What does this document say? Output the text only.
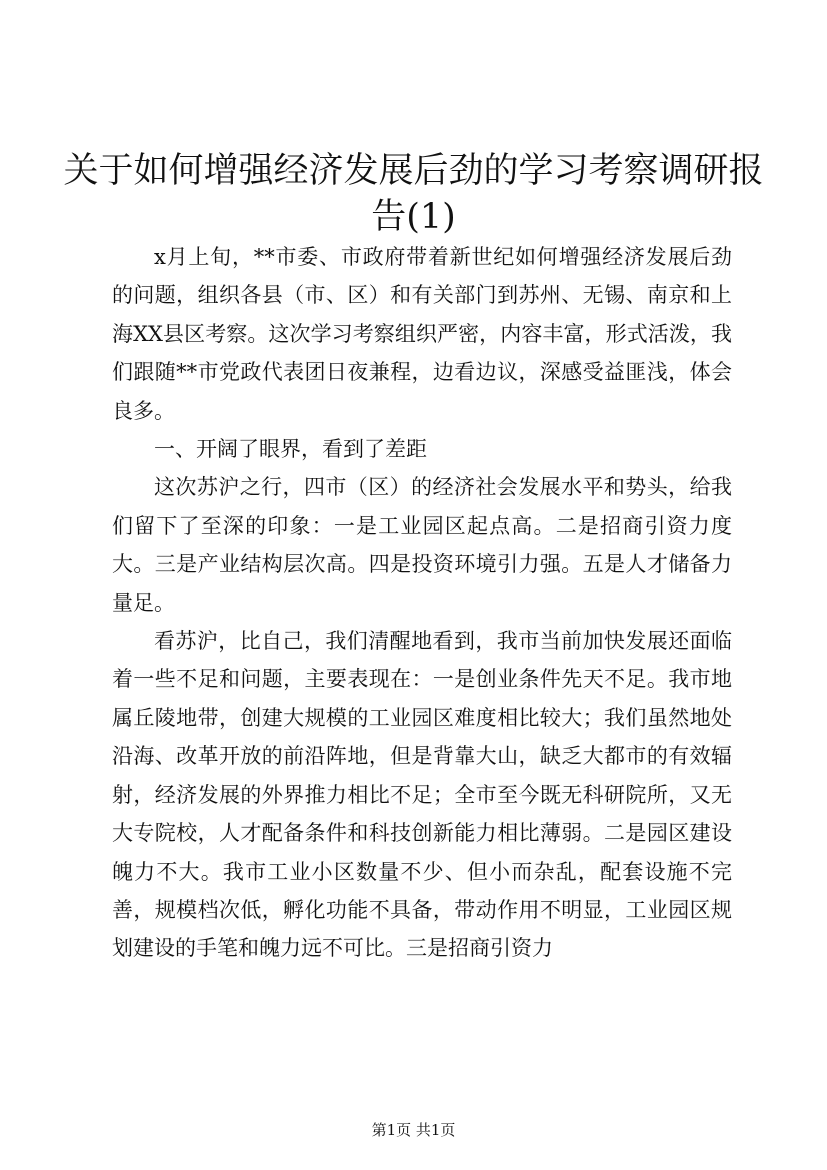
关于如何增强经济发展后劲的学习考察调研报告(1)

x月上旬，**市委、市政府带着新世纪如何增强经济发展后劲的问题，组织各县（市、区）和有关部门到苏州、无锡、南京和上海XX县区考察。这次学习考察组织严密，内容丰富，形式活泼，我们跟随**市党政代表团日夜兼程，边看边议，深感受益匪浅，体会良多。

一、开阔了眼界，看到了差距

这次苏沪之行，四市（区）的经济社会发展水平和势头，给我们留下了至深的印象：一是工业园区起点高。二是招商引资力度大。三是产业结构层次高。四是投资环境引力强。五是人才储备力量足。

看苏沪，比自己，我们清醒地看到，我市当前加快发展还面临着一些不足和问题，主要表现在：一是创业条件先天不足。我市地属丘陵地带，创建大规模的工业园区难度相比较大；我们虽然地处沿海、改革开放的前沿阵地，但是背靠大山，缺乏大都市的有效辐射，经济发展的外界推力相比不足；全市至今既无科研院所，又无大专院校，人才配备条件和科技创新能力相比薄弱。二是园区建设魄力不大。我市工业小区数量不少、但小而杂乱，配套设施不完善，规模档次低，孵化功能不具备，带动作用不明显，工业园区规划建设的手笔和魄力远不可比。三是招商引资力

第1页 共1页
